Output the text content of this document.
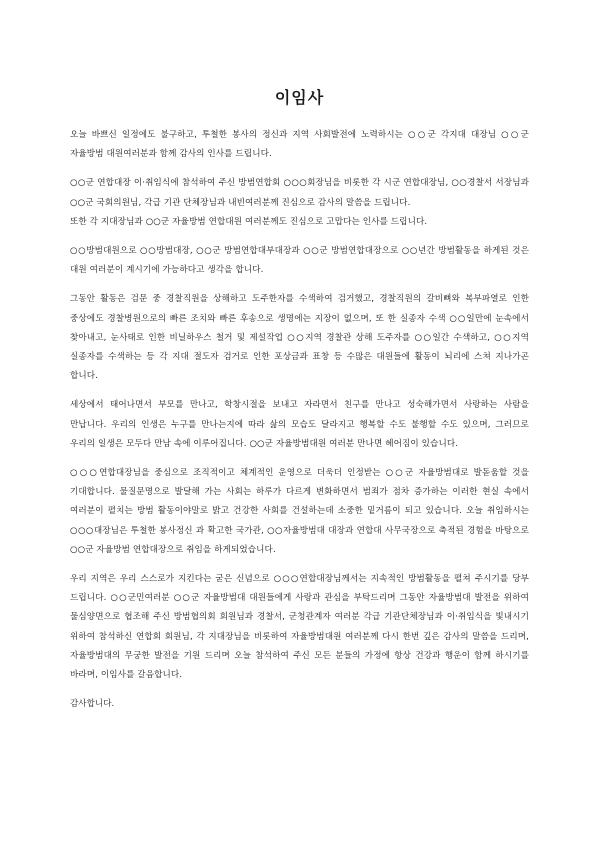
이임사

오늘 바쁘신 일정에도 불구하고, 투철한 봉사의 정신과 지역 사회발전에 노력하시는 ○○군 각지대 대장님 ○○군 자율방범 대원여러분과 함께 감사의 인사를 드립니다.

○○군 연합대장 이·취임식에 참석하여 주신 방범연합회 ○○○회장님을 비롯한 각 시군 연합대장님, ○○경찰서 서장님과 ○○군 국회의원님, 각급 기관 단체장님과 내빈여러분께 진심으로 감사의 말씀을 드립니다.

또한 각 지대장님과 ○○군 자율방범 연합대원 여러분께도 진심으로 고맙다는 인사를 드립니다.

○○방범대원으로 ○○방범대장, ○○군 방범연합대부대장과 ○○군 방범연합대장으로 ○○년간 방범활동을 하게된 것은 대원 여러분이 계시기에 가능하다고 생각을 합니다.

그동안 활동은 검문 중 경찰직원을 상해하고 도주한자를 수색하여 검거했고, 경찰직원의 갈비뼈와 복부파열로 인한 중상에도 경찰병원으로의 빠른 조치와 빠른 후송으로 생명에는 지장이 없으며, 또 한 실종자 수색 ○○일만에 눈속에서 찾아내고, 눈사태로 인한 비닐하우스 철거 및 제설작업 ○○지역 경찰관 상해 도주자를 ○○일간 수색하고, ○○지역 실종자를 수색하는 등 각 지대 절도자 검거로 인한 포상금과 표창 등 수많은 대원들에 활동이 뇌리에 스쳐 지나가곤 합니다.

세상에서 태어나면서 부모를 만나고, 학창시절을 보내고 자라면서 친구를 만나고 성숙해가면서 사랑하는 사람을 만납니다. 우리의 인생은 누구를 만나는지에 따라 삶의 모습도 달라지고 행복할 수도 불행할 수도 있으며, 그러므로 우리의 일생은 모두다 만남 속에 이루어집니다. ○○군 자율방범대원 여러분 만나면 헤어짐이 있습니다.

○○○연합대장님을 중심으로 조직적이고 체계적인 운영으로 더욱더 인정받는 ○○군 자율방범대로 발돋움할 것을 기대합니다. 물질문명으로 발달해 가는 사회는 하루가 다르게 변화하면서 범죄가 점차 증가하는 이러한 현실 속에서 여러분이 펼치는 방범 활동이야말로 밝고 건강한 사회를 건설하는데 소중한 밑거름이 되고 있습니다. 오늘 취임하시는 ○○○대장님은 투철한 봉사정신 과 확고한 국가관, ○○자율방범대 대장과 연합대 사무국장으로 축적된 경험을 바탕으로 ○○군 자율방범 연합대장으로 취임을 하게되었습니다.

우리 지역은 우리 스스로가 지킨다는 굳은 신념으로 ○○○연합대장님께서는 지속적인 방범활동을 펼쳐 주시기를 당부 드립니다. ○○군민여러분 ○○군 자율방범대 대원들에게 사랑과 관심을 부탁드리며 그동안 자율방범대 발전을 위하여 물심양면으로 협조해 주신 방범협의회 회원님과 경찰서, 군청관계자 여러분 각급 기관단체장님과 이·취임식을 빛내시기 위하여 참석하신 연합회 회원님, 각 지대장님을 비롯하여 자율방범대원 여러분께 다시 한번 깊은 감사의 말씀을 드리며, 자율방범대의 무궁한 발전을 기원 드리며 오늘 참석하여 주신 모든 분들의 가정에 항상 건강과 행운이 함께 하시기를 바라며, 이임사를 갈음합니다.

감사합니다.
